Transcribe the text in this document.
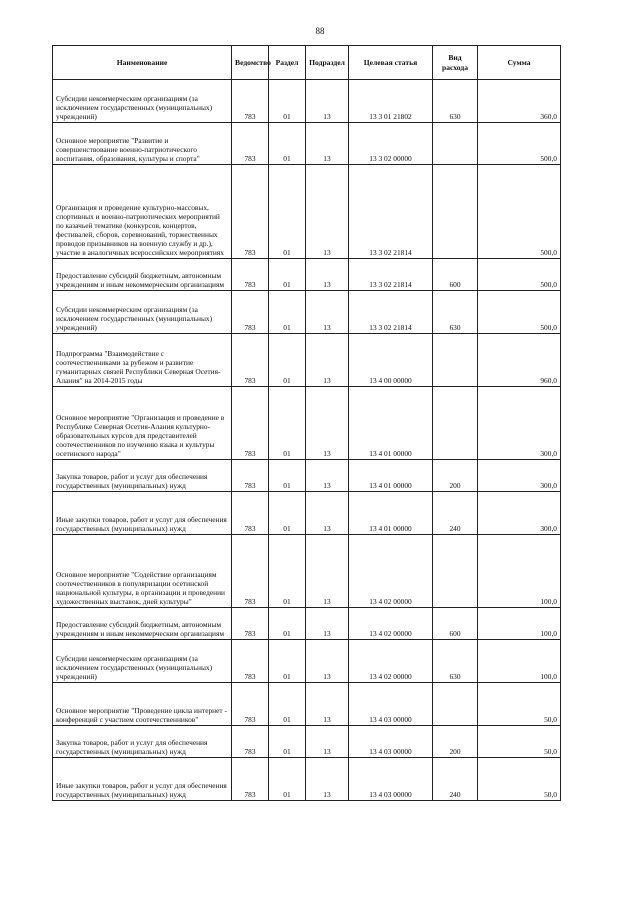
88
Наименование	Ведомство	Раздел	Подраздел	Целевая статья	Вид расхода	Сумма
Субсидии некоммерческим организациям (за исключением государственных (муниципальных) учреждений)	783	01	13	13 3 01 21802	630	360,0
Основное мероприятие "Развитие и совершенствование военно-патриотического воспитания, образования, культуры и спорта"	783	01	13	13 3 02 00000		500,0
Организация и проведение культурно-массовых, спортивных и военно-патриотических мероприятий по казачьей тематике (конкурсов, концертов, фестивалей, сборов, соревнований, торжественных проводов призывников на военную службу и др.), участие в аналогичных всероссийских мероприятиях	783	01	13	13 3 02 21814		500,0
Предоставление субсидий бюджетным, автономным учреждениям и иным некоммерческим организациям	783	01	13	13 3 02 21814	600	500,0
Субсидии некоммерческим организациям (за исключением государственных (муниципальных) учреждений)	783	01	13	13 3 02 21814	630	500,0
Подпрограмма "Взаимодействие с соотечественниками за рубежом и развитие гуманитарных связей Республики Северная Осетия-Алания" на 2014-2015 годы	783	01	13	13 4 00 00000		960,0
Основное мероприятие "Организация и проведение в Республике Северная Осетия-Алания культурно-образовательных курсов для представителей соотечественников по изучению языка и культуры осетинского народа"	783	01	13	13 4 01 00000		300,0
Закупка товаров, работ и услуг для обеспечения государственных (муниципальных) нужд	783	01	13	13 4 01 00000	200	300,0
Иные закупки товаров, работ и услуг для обеспечения государственных (муниципальных) нужд	783	01	13	13 4 01 00000	240	300,0
Основное мероприятие "Содействие организациям соотечественников в популяризации осетинской национальной культуры, в организации и проведении художественных выставок, дней культуры"	783	01	13	13 4 02 00000		100,0
Предоставление субсидий бюджетным, автономным учреждениям и иным некоммерческим организациям	783	01	13	13 4 02 00000	600	100,0
Субсидии некоммерческим организациям (за исключением государственных (муниципальных) учреждений)	783	01	13	13 4 02 00000	630	100,0
Основное мероприятие "Проведение цикла интернет - конференций с участием соотечественников"	783	01	13	13 4 03 00000		50,0
Закупка товаров, работ и услуг для обеспечения государственных (муниципальных) нужд	783	01	13	13 4 03 00000	200	50,0
Иные закупки товаров, работ и услуг для обеспечения государственных (муниципальных) нужд	783	01	13	13 4 03 00000	240	50,0
